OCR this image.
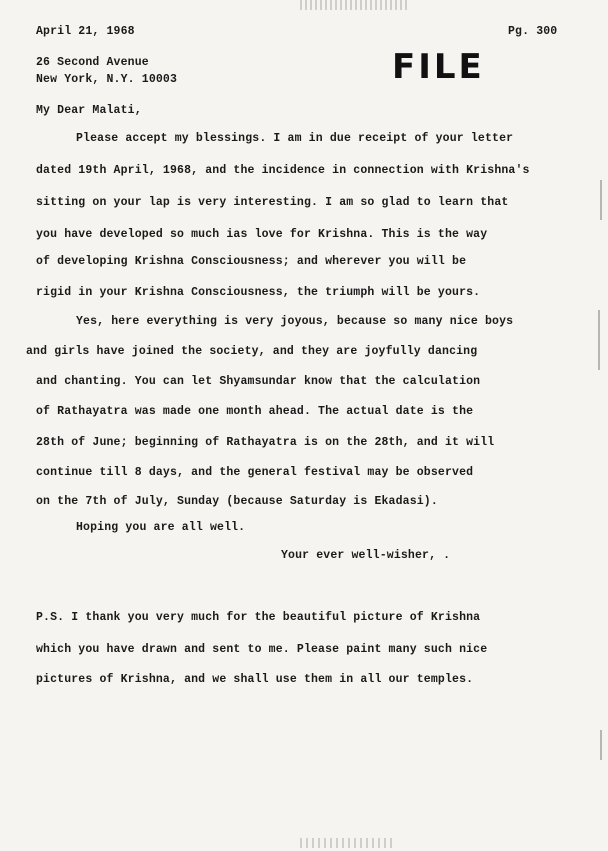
April 21, 1968	Pg. 300
FILE
26 Second Avenue
New York, N.Y. 10003
My Dear Malati,
Please accept my blessings. I am in due receipt of your letter
dated 19th April, 1968, and the incidence in connection with Krishna's
sitting on your lap is very interesting. I am so glad to learn that
you have developed so much ias love for Krishna. This is the way
of developing Krishna Consciousness; and wherever you will be
rigid in your Krishna Consciousness, the triumph will be yours.
Yes, here everything is very joyous, because so many nice boys
and girls have joined the society, and they are joyfully dancing
and chanting. You can let Shyamsundar know that the calculation
of Rathayatra was made one month ahead. The actual date is the
28th of June; beginning of Rathayatra is on the 28th, and it will
continue till 8 days, and the general festival may be observed
on the 7th of July, Sunday (because Saturday is Ekadasi).
Hoping you are all well.
Your ever well-wisher, .
P.S. I thank you very much for the beautiful picture of Krishna
which you have drawn and sent to me. Please paint many such nice
pictures of Krishna, and we shall use them in all our temples.
